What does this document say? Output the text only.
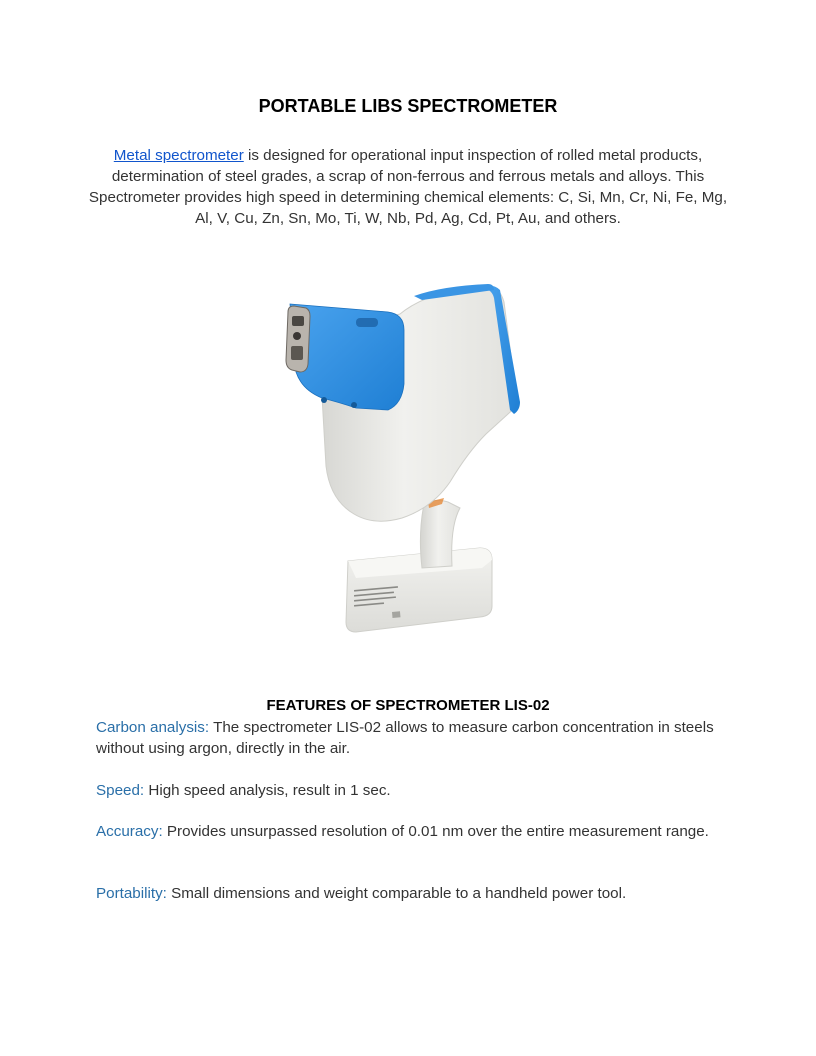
PORTABLE LIBS SPECTROMETER

Metal spectrometer is designed for operational input inspection of rolled metal products, determination of steel grades, a scrap of non-ferrous and ferrous metals and alloys. This Spectrometer provides high speed in determining chemical elements: C, Si, Mn, Cr, Ni, Fe, Mg, Al, V, Cu, Zn, Sn, Mo, Ti, W, Nb, Pd, Ag, Cd, Pt, Au, and others.

FEATURES OF SPECTROMETER LIS-02

Carbon analysis: The spectrometer LIS-02 allows to measure carbon concentration in steels without using argon, directly in the air.

Speed: High speed analysis, result in 1 sec.

Accuracy: Provides unsurpassed resolution of 0.01 nm over the entire measurement range.

Portability: Small dimensions and weight comparable to a handheld power tool.
